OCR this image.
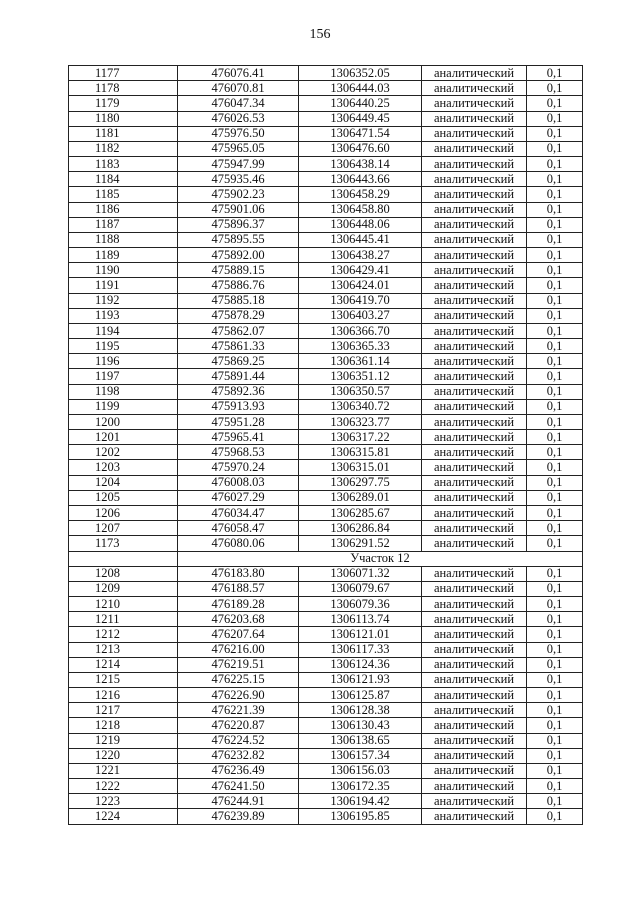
156
1177	476076.41	1306352.05	аналитический	0,1
1178	476070.81	1306444.03	аналитический	0,1
1179	476047.34	1306440.25	аналитический	0,1
1180	476026.53	1306449.45	аналитический	0,1
1181	475976.50	1306471.54	аналитический	0,1
1182	475965.05	1306476.60	аналитический	0,1
1183	475947.99	1306438.14	аналитический	0,1
1184	475935.46	1306443.66	аналитический	0,1
1185	475902.23	1306458.29	аналитический	0,1
1186	475901.06	1306458.80	аналитический	0,1
1187	475896.37	1306448.06	аналитический	0,1
1188	475895.55	1306445.41	аналитический	0,1
1189	475892.00	1306438.27	аналитический	0,1
1190	475889.15	1306429.41	аналитический	0,1
1191	475886.76	1306424.01	аналитический	0,1
1192	475885.18	1306419.70	аналитический	0,1
1193	475878.29	1306403.27	аналитический	0,1
1194	475862.07	1306366.70	аналитический	0,1
1195	475861.33	1306365.33	аналитический	0,1
1196	475869.25	1306361.14	аналитический	0,1
1197	475891.44	1306351.12	аналитический	0,1
1198	475892.36	1306350.57	аналитический	0,1
1199	475913.93	1306340.72	аналитический	0,1
1200	475951.28	1306323.77	аналитический	0,1
1201	475965.41	1306317.22	аналитический	0,1
1202	475968.53	1306315.81	аналитический	0,1
1203	475970.24	1306315.01	аналитический	0,1
1204	476008.03	1306297.75	аналитический	0,1
1205	476027.29	1306289.01	аналитический	0,1
1206	476034.47	1306285.67	аналитический	0,1
1207	476058.47	1306286.84	аналитический	0,1
1173	476080.06	1306291.52	аналитический	0,1
	Участок 12			
1208	476183.80	1306071.32	аналитический	0,1
1209	476188.57	1306079.67	аналитический	0,1
1210	476189.28	1306079.36	аналитический	0,1
1211	476203.68	1306113.74	аналитический	0,1
1212	476207.64	1306121.01	аналитический	0,1
1213	476216.00	1306117.33	аналитический	0,1
1214	476219.51	1306124.36	аналитический	0,1
1215	476225.15	1306121.93	аналитический	0,1
1216	476226.90	1306125.87	аналитический	0,1
1217	476221.39	1306128.38	аналитический	0,1
1218	476220.87	1306130.43	аналитический	0,1
1219	476224.52	1306138.65	аналитический	0,1
1220	476232.82	1306157.34	аналитический	0,1
1221	476236.49	1306156.03	аналитический	0,1
1222	476241.50	1306172.35	аналитический	0,1
1223	476244.91	1306194.42	аналитический	0,1
1224	476239.89	1306195.85	аналитический	0,1
